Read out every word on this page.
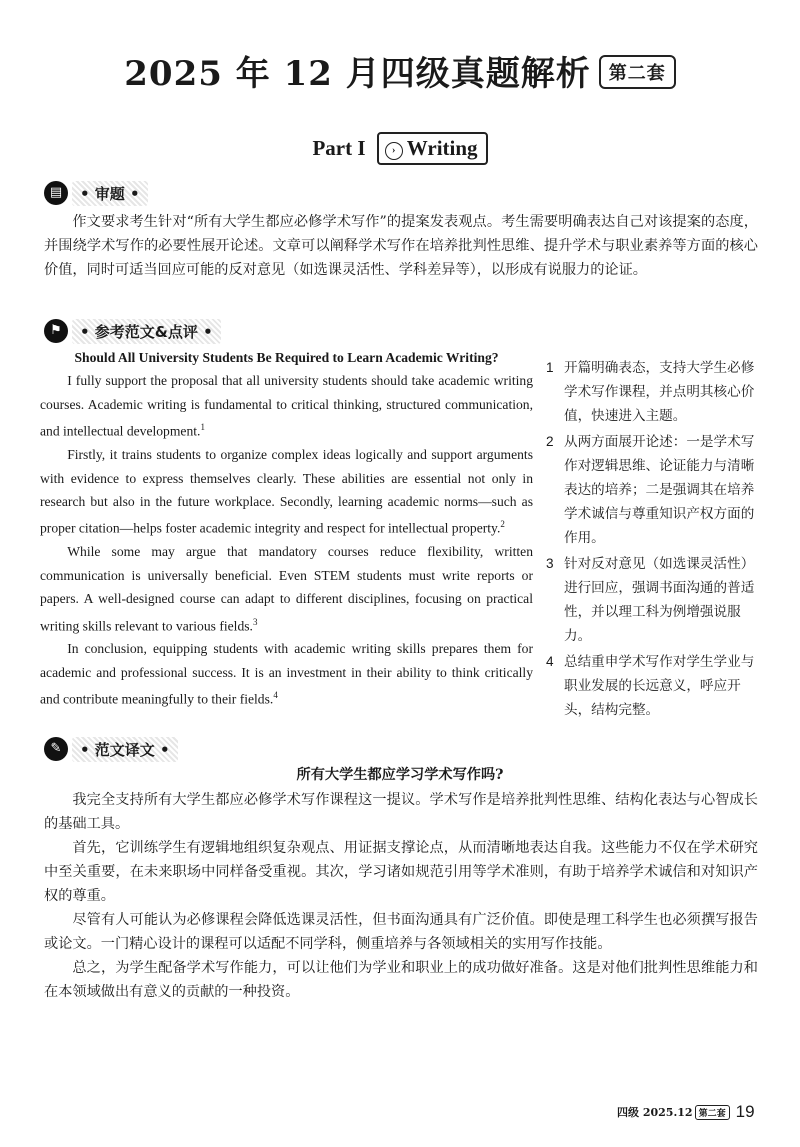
2025 年 12 月四级真题解析 第二套
Part I › Writing
▤	• 审题 •

作文要求考生针对“所有大学生都应必修学术写作”的提案发表观点。考生需要明确表达自己对该提案的态度，并围绕学术写作的必要性展开论述。文章可以阐释学术写作在培养批判性思维、提升学术与职业素养等方面的核心价值，同时可适当回应可能的反对意见（如选课灵活性、学科差异等），以形成有说服力的论证。

⚑	• 参考范文&点评 •
Should All University Students Be Required to Learn Academic Writing?

I fully support the proposal that all university students should take academic writing courses. Academic writing is fundamental to critical thinking, structured communication, and intellectual development.$^1$

Firstly, it trains students to organize complex ideas logically and support arguments with evidence to express themselves clearly. These abilities are essential not only in research but also in the future workplace. Secondly, learning academic norms—such as proper citation—helps foster academic integrity and respect for intellectual property.$^2$

While some may argue that mandatory courses reduce flexibility, written communication is universally beneficial. Even STEM students must write reports or papers. A well-designed course can adapt to different disciplines, focusing on practical writing skills relevant to various fields.$^3$

In conclusion, equipping students with academic writing skills prepares them for academic and professional success. It is an investment in their ability to think critically and contribute meaningfully to their fields.$^4$

1 开篇明确表态，支持大学生必修学术写作课程，并点明其核心价值，快速进入主题。
2 从两方面展开论述：一是学术写作对逻辑思维、论证能力与清晰表达的培养；二是强调其在培养学术诚信与尊重知识产权方面的作用。
3 针对反对意见（如选课灵活性）进行回应，强调书面沟通的普适性，并以理工科为例增强说服力。
4 总结重申学术写作对学生学业与职业发展的长远意义，呼应开头，结构完整。
✎	• 范文译文 •
所有大学生都应学习学术写作吗?

我完全支持所有大学生都应必修学术写作课程这一提议。学术写作是培养批判性思维、结构化表达与心智成长的基础工具。

首先，它训练学生有逻辑地组织复杂观点、用证据支撑论点，从而清晰地表达自我。这些能力不仅在学术研究中至关重要，在未来职场中同样备受重视。其次，学习诸如规范引用等学术准则，有助于培养学术诚信和对知识产权的尊重。

尽管有人可能认为必修课程会降低选课灵活性，但书面沟通具有广泛价值。即使是理工科学生也必须撰写报告或论文。一门精心设计的课程可以适配不同学科，侧重培养与各领域相关的实用写作技能。

总之，为学生配备学术写作能力，可以让他们为学业和职业上的成功做好准备。这是对他们批判性思维能力和在本领域做出有意义的贡献的一种投资。

四级 2025.12 第二套 19
